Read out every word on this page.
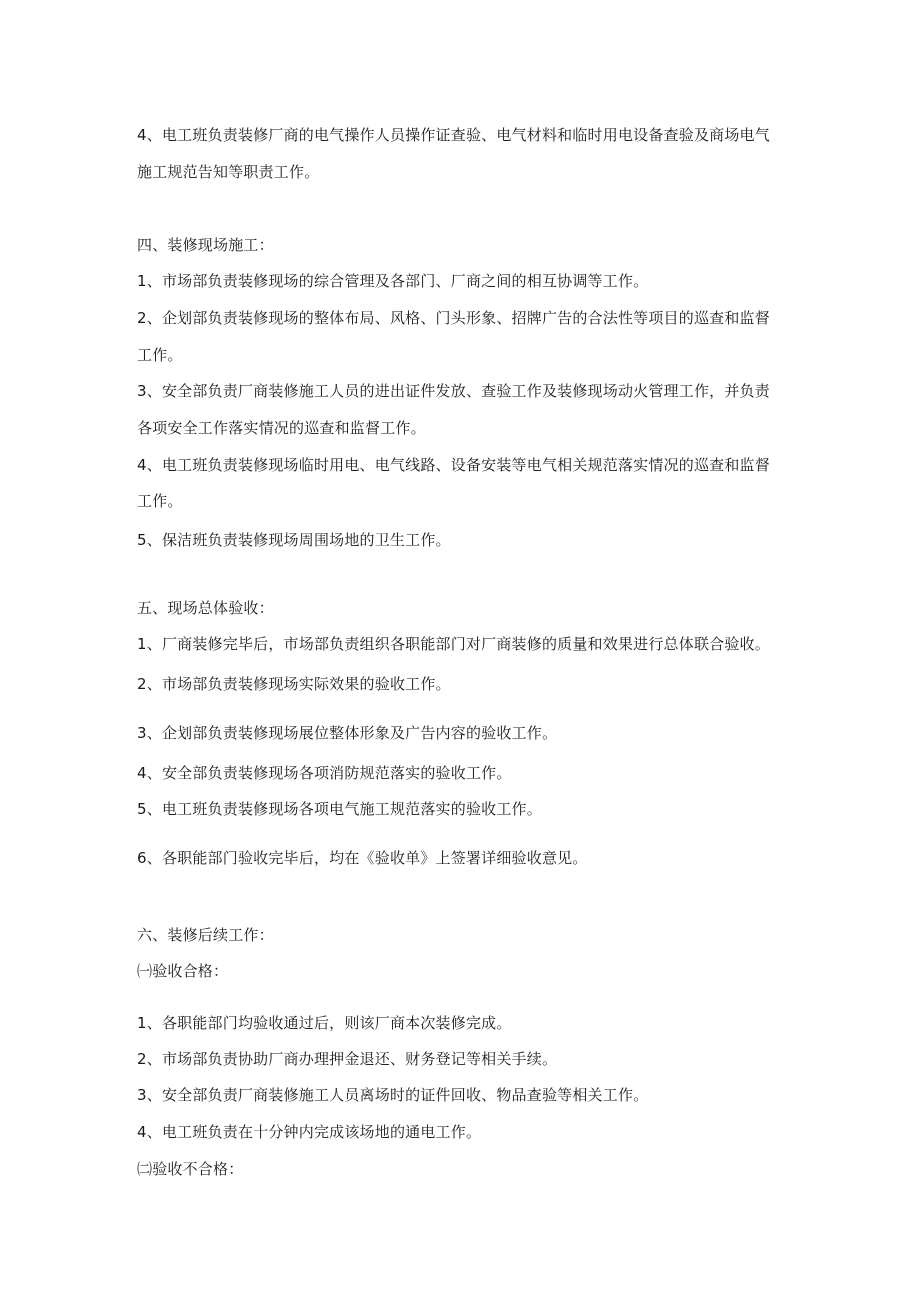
4、电工班负责装修厂商的电气操作人员操作证查验、电气材料和临时用电设备查验及商场电气
施工规范告知等职责工作。
四、装修现场施工：
1、市场部负责装修现场的综合管理及各部门、厂商之间的相互协调等工作。
2、企划部负责装修现场的整体布局、风格、门头形象、招牌广告的合法性等项目的巡查和监督
工作。
3、安全部负责厂商装修施工人员的进出证件发放、查验工作及装修现场动火管理工作，并负责
各项安全工作落实情况的巡查和监督工作。
4、电工班负责装修现场临时用电、电气线路、设备安装等电气相关规范落实情况的巡查和监督
工作。
5、保洁班负责装修现场周围场地的卫生工作。
五、现场总体验收：
1、厂商装修完毕后，市场部负责组织各职能部门对厂商装修的质量和效果进行总体联合验收。
2、市场部负责装修现场实际效果的验收工作。
3、企划部负责装修现场展位整体形象及广告内容的验收工作。
4、安全部负责装修现场各项消防规范落实的验收工作。
5、电工班负责装修现场各项电气施工规范落实的验收工作。
6、各职能部门验收完毕后，均在《验收单》上签署详细验收意见。
六、装修后续工作：
㈠验收合格：
1、各职能部门均验收通过后，则该厂商本次装修完成。
2、市场部负责协助厂商办理押金退还、财务登记等相关手续。
3、安全部负责厂商装修施工人员离场时的证件回收、物品查验等相关工作。
4、电工班负责在十分钟内完成该场地的通电工作。
㈡验收不合格：
